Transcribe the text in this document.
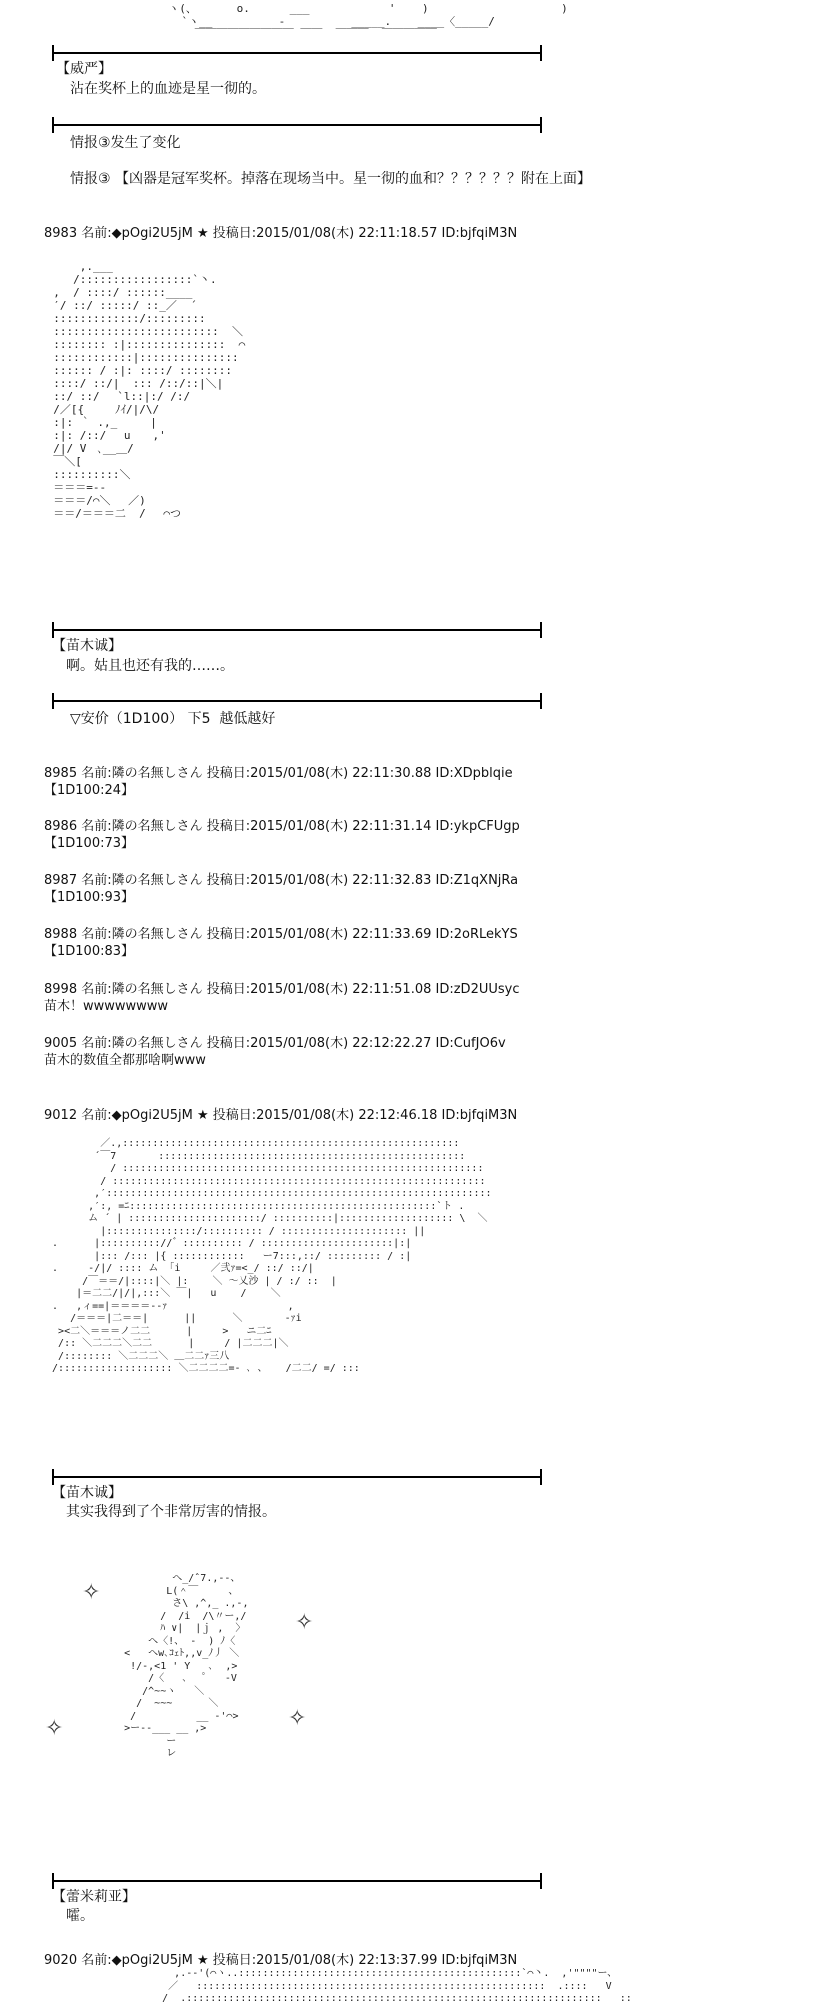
ヽ(、      o.      ___            '    )                    )
`ヽ__          -          _____.    ____〈_____/
￣￣￣￣￣￣￣￣￣ ￣￣  ￣￣￣  ￣￣￣￣￣
【威严】
沾在奖杯上的血迹是星一彻的。
情报③发生了变化
情报③ 【凶器是冠军奖杯。掉落在现场当中。星一彻的血和？？？？？？附在上面】
8983 名前:◆pOgi2U5jM ★ 投稿日:2015/01/08(木) 22:11:18.57 ID:bjfqiM3N
,.___
/:::::::::::::::::`丶.
,  / ::::/ ::::::____
′/ ::/ :::::/ ::_／  ´
:::::::::::::/:::::::::
:::::::::::::::::::::::::  ＼
:::::::: :|:::::::::::::::  ⌒
::::::::::::|:::::::::::::::
:::::: / :|: ::::/ ::::::::
::::/ ::/|  ::: /::/::|＼|
::/ ::/ 　`l::|:/ /:/
/／[{  　 ﾉｲ/|/\/
:|: ｀ .,_　　　|
:|: /::/　 u　　,'
/|/ V　､__＿/
￣＼[
::::::::::＼
＝＝＝=--
＝＝＝/⌒＼　 ／)
＝＝/＝＝＝二  /　 ⌒つ
【苗木诚】
啊。姑且也还有我的……。
▽安价（1D100） 下5  越低越好
8985 名前:隣の名無しさん 投稿日:2015/01/08(木) 22:11:30.88 ID:XDpblqie
【1D100:24】
8986 名前:隣の名無しさん 投稿日:2015/01/08(木) 22:11:31.14 ID:ykpCFUgp
【1D100:73】
8987 名前:隣の名無しさん 投稿日:2015/01/08(木) 22:11:32.83 ID:Z1qXNjRa
【1D100:93】
8988 名前:隣の名無しさん 投稿日:2015/01/08(木) 22:11:33.69 ID:2oRLekYS
【1D100:83】
8998 名前:隣の名無しさん 投稿日:2015/01/08(木) 22:11:51.08 ID:zD2UUsyc
苗木！wwwwwwww
9005 名前:隣の名無しさん 投稿日:2015/01/08(木) 22:12:22.27 ID:CufJO6v
苗木的数值全都那啥啊www
9012 名前:◆pOgi2U5jM ★ 投稿日:2015/01/08(木) 22:12:46.18 ID:bjfqiM3N
／.,::::::::::::::::::::::::::::::::::::::::::::::::::::::::
´￣7　 　　 :::::::::::::::::::::::::::::::::::::::::::::::::::
　/ ::::::::::::::::::::::::::::::::::::::::::::::::::::::::::::
/ ::::::::::::::::::::::::::::::::::::::::::::::::::::::::::::::
,′::::::::::::::::::::::::::::::::::::::::::::::::::::::::::::::::
,′:, =ﾆ:::::::::::::::::::::::::::::::::::::::::::::::::::`ト .
ム ´ | ::::::::::::::::::::::/ ::::::::::|::::::::::::::::::: \  ＼
|:::::::::::::::/:::::::::: / ::::::::::::::::::::: ||
.      |:::::::::://゛:::::::::: / ::::::::::::::::::::::|:|
|::: /::: |{ ::::::::::::   ー7:::,::/ ::::::::: / :|
.     -/|/ :::: ム 「i     ／弐ｧ=<_/ ::/ ::/|
/￣＝＝/|::::|＼ |:    ＼ 〜乂沙 | / :/ ::  |
|＝二二/|/|,:::＼ ￣|   u    /    ＼
.   ,ィ==|＝＝＝＝--ｧ                    ,
/＝＝＝|二＝＝|      ||      ＼       -ｧi
><二＼＝＝＝ノ二二      |     >   ニ二ﾆ
/:: ＼二二二＼二二      |     / |二二二|＼
/:::::::: ＼二二二＼ ＿二二ｧ三八
/::::::::::::::::::: ＼二二二二=- ､ 、   /二二/ =/ :::
【苗木诚】
其实我得到了个非常厉害的情报。
✧
✧
✧	✧
へ_/ˆ7.,--、
L(＾￣     、
さ\ ,^,_ .,-,
/  /i  /\〃ー,/
ﾊ ∨|  |ｊ ,  〉
へ〈!、 -  ) ﾉ〈
<   へw､ｺｪﾄ,,v_ﾉ丿 ＼
!/-,<1 ' Y   ､  ,>
/〈   ､   ﾟ   -V
/^~~ヽ   ＼
/  ~~~      ＼
/          __ -'⌒>
>ー--___ __ ,>
ー
レ
【蕾米莉亚】
嚯。
9020 名前:◆pOgi2U5jM ★ 投稿日:2015/01/08(木) 22:13:37.99 ID:bjfqiM3N
,.--'(⌒ヽ..:::::::::::::::::::::::::::::::::::::::::::::::`⌒丶.  ,'""""ー、
／   ::::::::::::::::::::::::::::::::::::::::::::::::::::::::::  .::::   V
/  .:::::::::::::::::::::::::::::::::::::::::::::::::::::::::::::::::::::   ::
